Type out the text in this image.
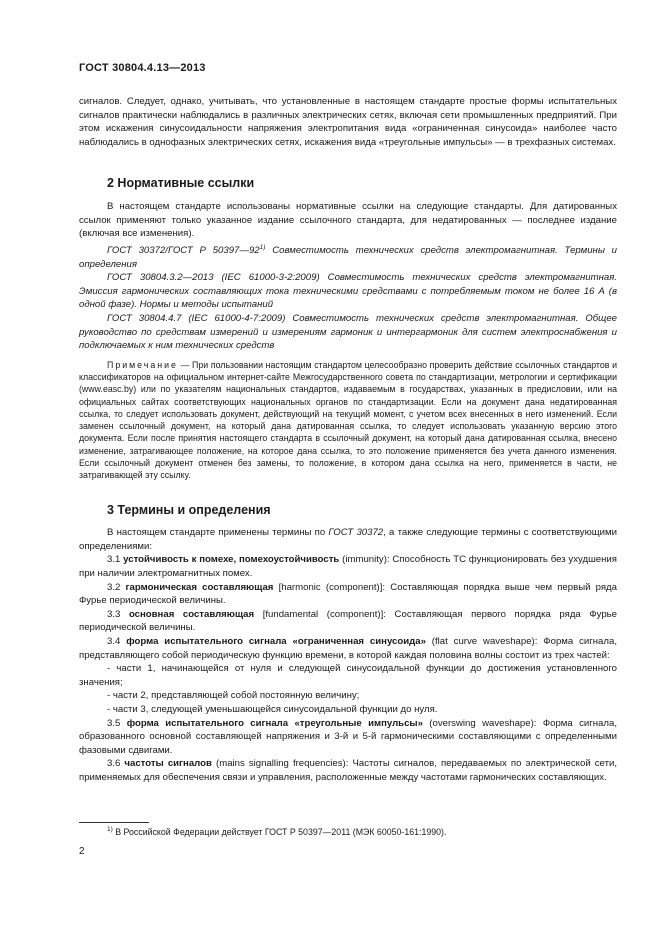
ГОСТ 30804.4.13—2013

сигналов. Следует, однако, учитывать, что установленные в настоящем стандарте простые формы испытательных сигналов практически наблюдались в различных электрических сетях, включая сети промышленных предприятий. При этом искажения синусоидальности напряжения электропитания вида «ограниченная синусоида» наиболее часто наблюдались в однофазных электрических сетях, искажения вида «треугольные импульсы» — в трехфазных системах.

2 Нормативные ссылки

В настоящем стандарте использованы нормативные ссылки на следующие стандарты. Для датированных ссылок применяют только указанное издание ссылочного стандарта, для недатированных — последнее издание (включая все изменения).

ГОСТ 30372/ГОСТ Р 50397—92$^{1)}$ Совместимость технических средств электромагнитная. Термины и определения

ГОСТ 30804.3.2—2013 (IEC 61000-3-2:2009) Совместимость технических средств электромагнитная. Эмиссия гармонических составляющих тока техническими средствами с потребляемым током не более 16 А (в одной фазе). Нормы и методы испытаний

ГОСТ 30804.4.7 (IEC 61000-4-7:2009) Совместимость технических средств электромагнитная. Общее руководство по средствам измерений и измерениям гармоник и интергармоник для систем электроснабжения и подключаемых к ним технических средств

Примечание — При пользовании настоящим стандартом целесообразно проверить действие ссылочных стандартов и классификаторов на официальном интернет-сайте Межгосударственного совета по стандартизации, метрологии и сертификации (www.easc.by) или по указателям национальных стандартов, издаваемым в государствах, указанных в предисловии, или на официальных сайтах соответствующих национальных органов по стандартизации. Если на документ дана недатированная ссылка, то следует использовать документ, действующий на текущий момент, с учетом всех внесенных в него изменений. Если заменен ссылочный документ, на который дана датированная ссылка, то следует использовать указанную версию этого документа. Если после принятия настоящего стандарта в ссылочный документ, на который дана датированная ссылка, внесено изменение, затрагивающее положение, на которое дана ссылка, то это положение применяется без учета данного изменения. Если ссылочный документ отменен без замены, то положение, в котором дана ссылка на него, применяется в части, не затрагивающей эту ссылку.

3 Термины и определения

В настоящем стандарте применены термины по ГОСТ 30372, а также следующие термины с соответствующими определениями:

3.1 устойчивость к помехе, помехоустойчивость (immunity): Способность ТС функционировать без ухудшения при наличии электромагнитных помех.

3.2 гармоническая составляющая [harmonic (component)]: Составляющая порядка выше чем первый ряда Фурье периодической величины.

3.3 основная составляющая [fundamental (component)]: Составляющая первого порядка ряда Фурье периодической величины.

3.4 форма испытательного сигнала «ограниченная синусоида» (flat curve waveshape): Форма сигнала, представляющего собой периодическую функцию времени, в которой каждая половина волны состоит из трех частей:

- части 1, начинающейся от нуля и следующей синусоидальной функции до достижения установленного значения;

- части 2, представляющей собой постоянную величину;

- части 3, следующей уменьшающейся синусоидальной функции до нуля.

3.5 форма испытательного сигнала «треугольные импульсы» (overswing waveshape): Форма сигнала, образованного основной составляющей напряжения и 3-й и 5-й гармоническими составляющими с определенными фазовыми сдвигами.

3.6 частоты сигналов (mains signalling frequencies): Частоты сигналов, передаваемых по электрической сети, применяемых для обеспечения связи и управления, расположенные между частотами гармонических составляющих.

$^{1)}$ В Российской Федерации действует ГОСТ Р 50397—2011 (МЭК 60050-161:1990).
2
